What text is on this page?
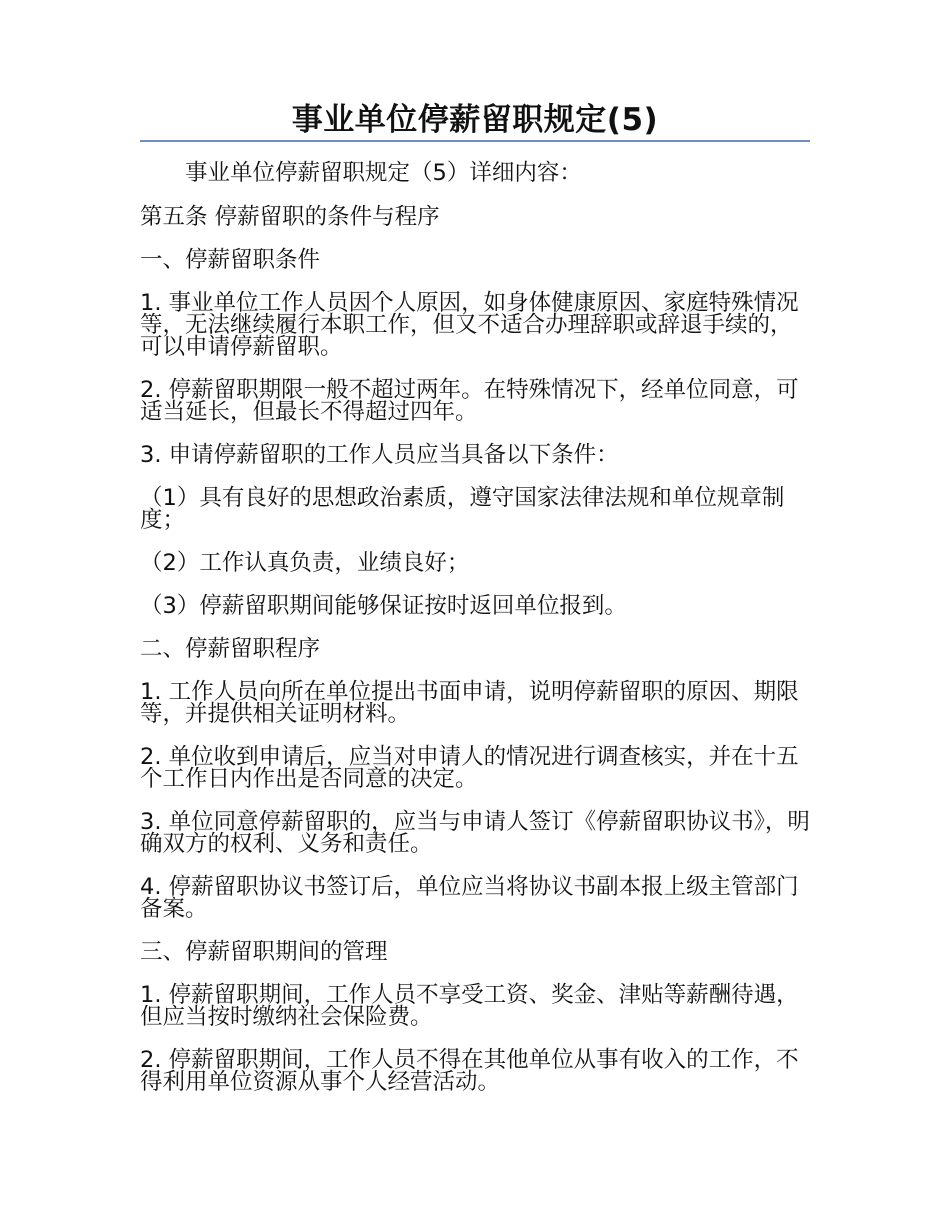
事业单位停薪留职规定(5)

事业单位停薪留职规定（5）详细内容：

第五条 停薪留职的条件与程序

一、停薪留职条件

1. 事业单位工作人员因个人原因，如身体健康原因、家庭特殊情况等，无法继续履行本职工作，但又不适合办理辞职或辞退手续的，可以申请停薪留职。

2. 停薪留职期限一般不超过两年。在特殊情况下，经单位同意，可适当延长，但最长不得超过四年。

3. 申请停薪留职的工作人员应当具备以下条件：

（1）具有良好的思想政治素质，遵守国家法律法规和单位规章制度；

（2）工作认真负责，业绩良好；

（3）停薪留职期间能够保证按时返回单位报到。

二、停薪留职程序

1. 工作人员向所在单位提出书面申请，说明停薪留职的原因、期限等，并提供相关证明材料。

2. 单位收到申请后，应当对申请人的情况进行调查核实，并在十五个工作日内作出是否同意的决定。

3. 单位同意停薪留职的，应当与申请人签订《停薪留职协议书》，明确双方的权利、义务和责任。

4. 停薪留职协议书签订后，单位应当将协议书副本报上级主管部门备案。

三、停薪留职期间的管理

1. 停薪留职期间，工作人员不享受工资、奖金、津贴等薪酬待遇，但应当按时缴纳社会保险费。

2. 停薪留职期间，工作人员不得在其他单位从事有收入的工作，不得利用单位资源从事个人经营活动。
